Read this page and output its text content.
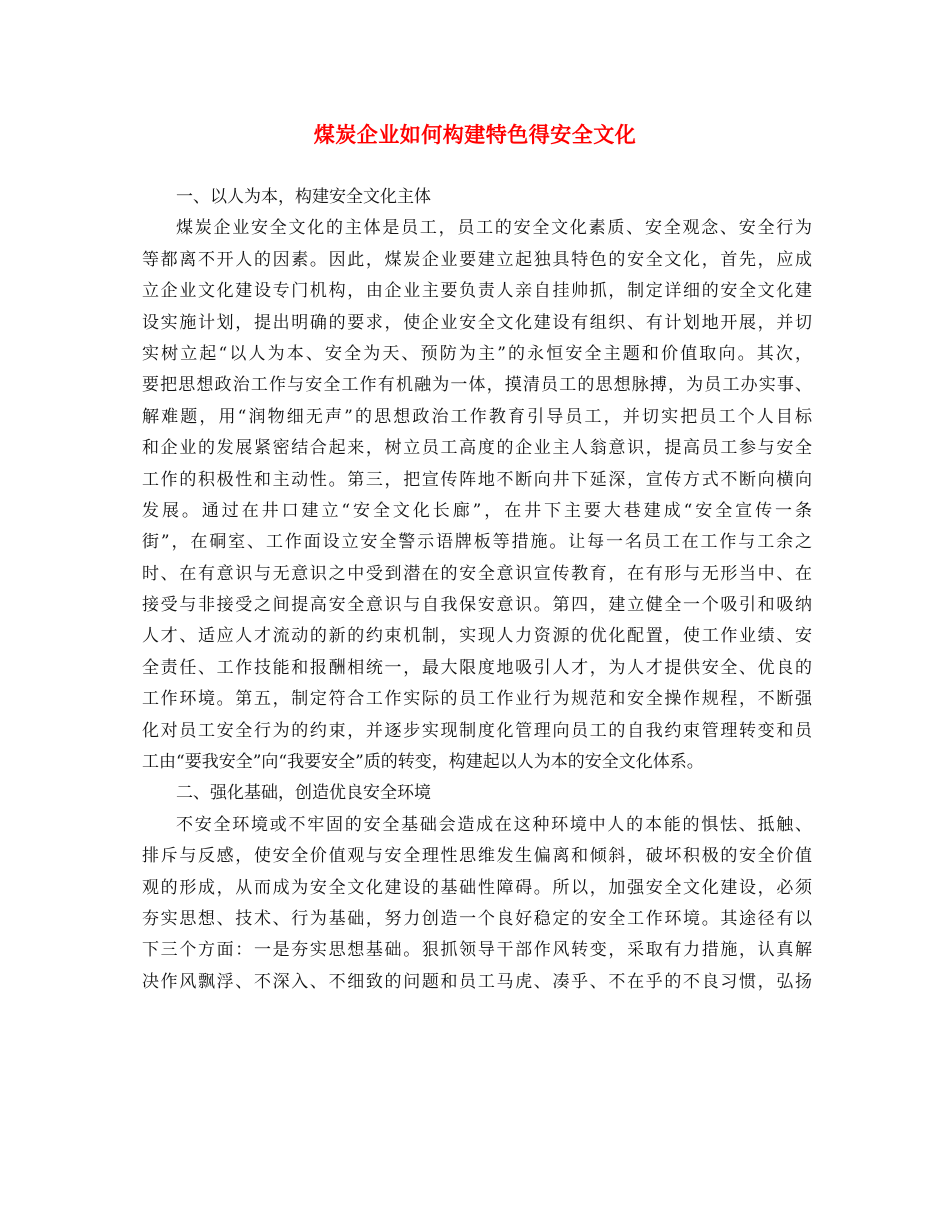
煤炭企业如何构建特色得安全文化
一、以人为本，构建安全文化主体
煤炭企业安全文化的主体是员工，员工的安全文化素质、安全观念、安全行为
等都离不开人的因素。因此，煤炭企业要建立起独具特色的安全文化，首先，应成
立企业文化建设专门机构，由企业主要负责人亲自挂帅抓，制定详细的安全文化建
设实施计划，提出明确的要求，使企业安全文化建设有组织、有计划地开展，并切
实树立起“以人为本、安全为天、预防为主”的永恒安全主题和价值取向。其次，
要把思想政治工作与安全工作有机融为一体，摸清员工的思想脉搏，为员工办实事、
解难题，用“润物细无声”的思想政治工作教育引导员工，并切实把员工个人目标
和企业的发展紧密结合起来，树立员工高度的企业主人翁意识，提高员工参与安全
工作的积极性和主动性。第三，把宣传阵地不断向井下延深，宣传方式不断向横向
发展。通过在井口建立“安全文化长廊”，在井下主要大巷建成“安全宣传一条
街”，在硐室、工作面设立安全警示语牌板等措施。让每一名员工在工作与工余之
时、在有意识与无意识之中受到潜在的安全意识宣传教育，在有形与无形当中、在
接受与非接受之间提高安全意识与自我保安意识。第四，建立健全一个吸引和吸纳
人才、适应人才流动的新的约束机制，实现人力资源的优化配置，使工作业绩、安
全责任、工作技能和报酬相统一，最大限度地吸引人才，为人才提供安全、优良的
工作环境。第五，制定符合工作实际的员工作业行为规范和安全操作规程，不断强
化对员工安全行为的约束，并逐步实现制度化管理向员工的自我约束管理转变和员
工由“要我安全”向“我要安全”质的转变，构建起以人为本的安全文化体系。
二、强化基础，创造优良安全环境
不安全环境或不牢固的安全基础会造成在这种环境中人的本能的惧怯、抵触、
排斥与反感，使安全价值观与安全理性思维发生偏离和倾斜，破坏积极的安全价值
观的形成，从而成为安全文化建设的基础性障碍。所以，加强安全文化建设，必须
夯实思想、技术、行为基础，努力创造一个良好稳定的安全工作环境。其途径有以
下三个方面：一是夯实思想基础。狠抓领导干部作风转变，采取有力措施，认真解
决作风飘浮、不深入、不细致的问题和员工马虎、凑乎、不在乎的不良习惯，弘扬
